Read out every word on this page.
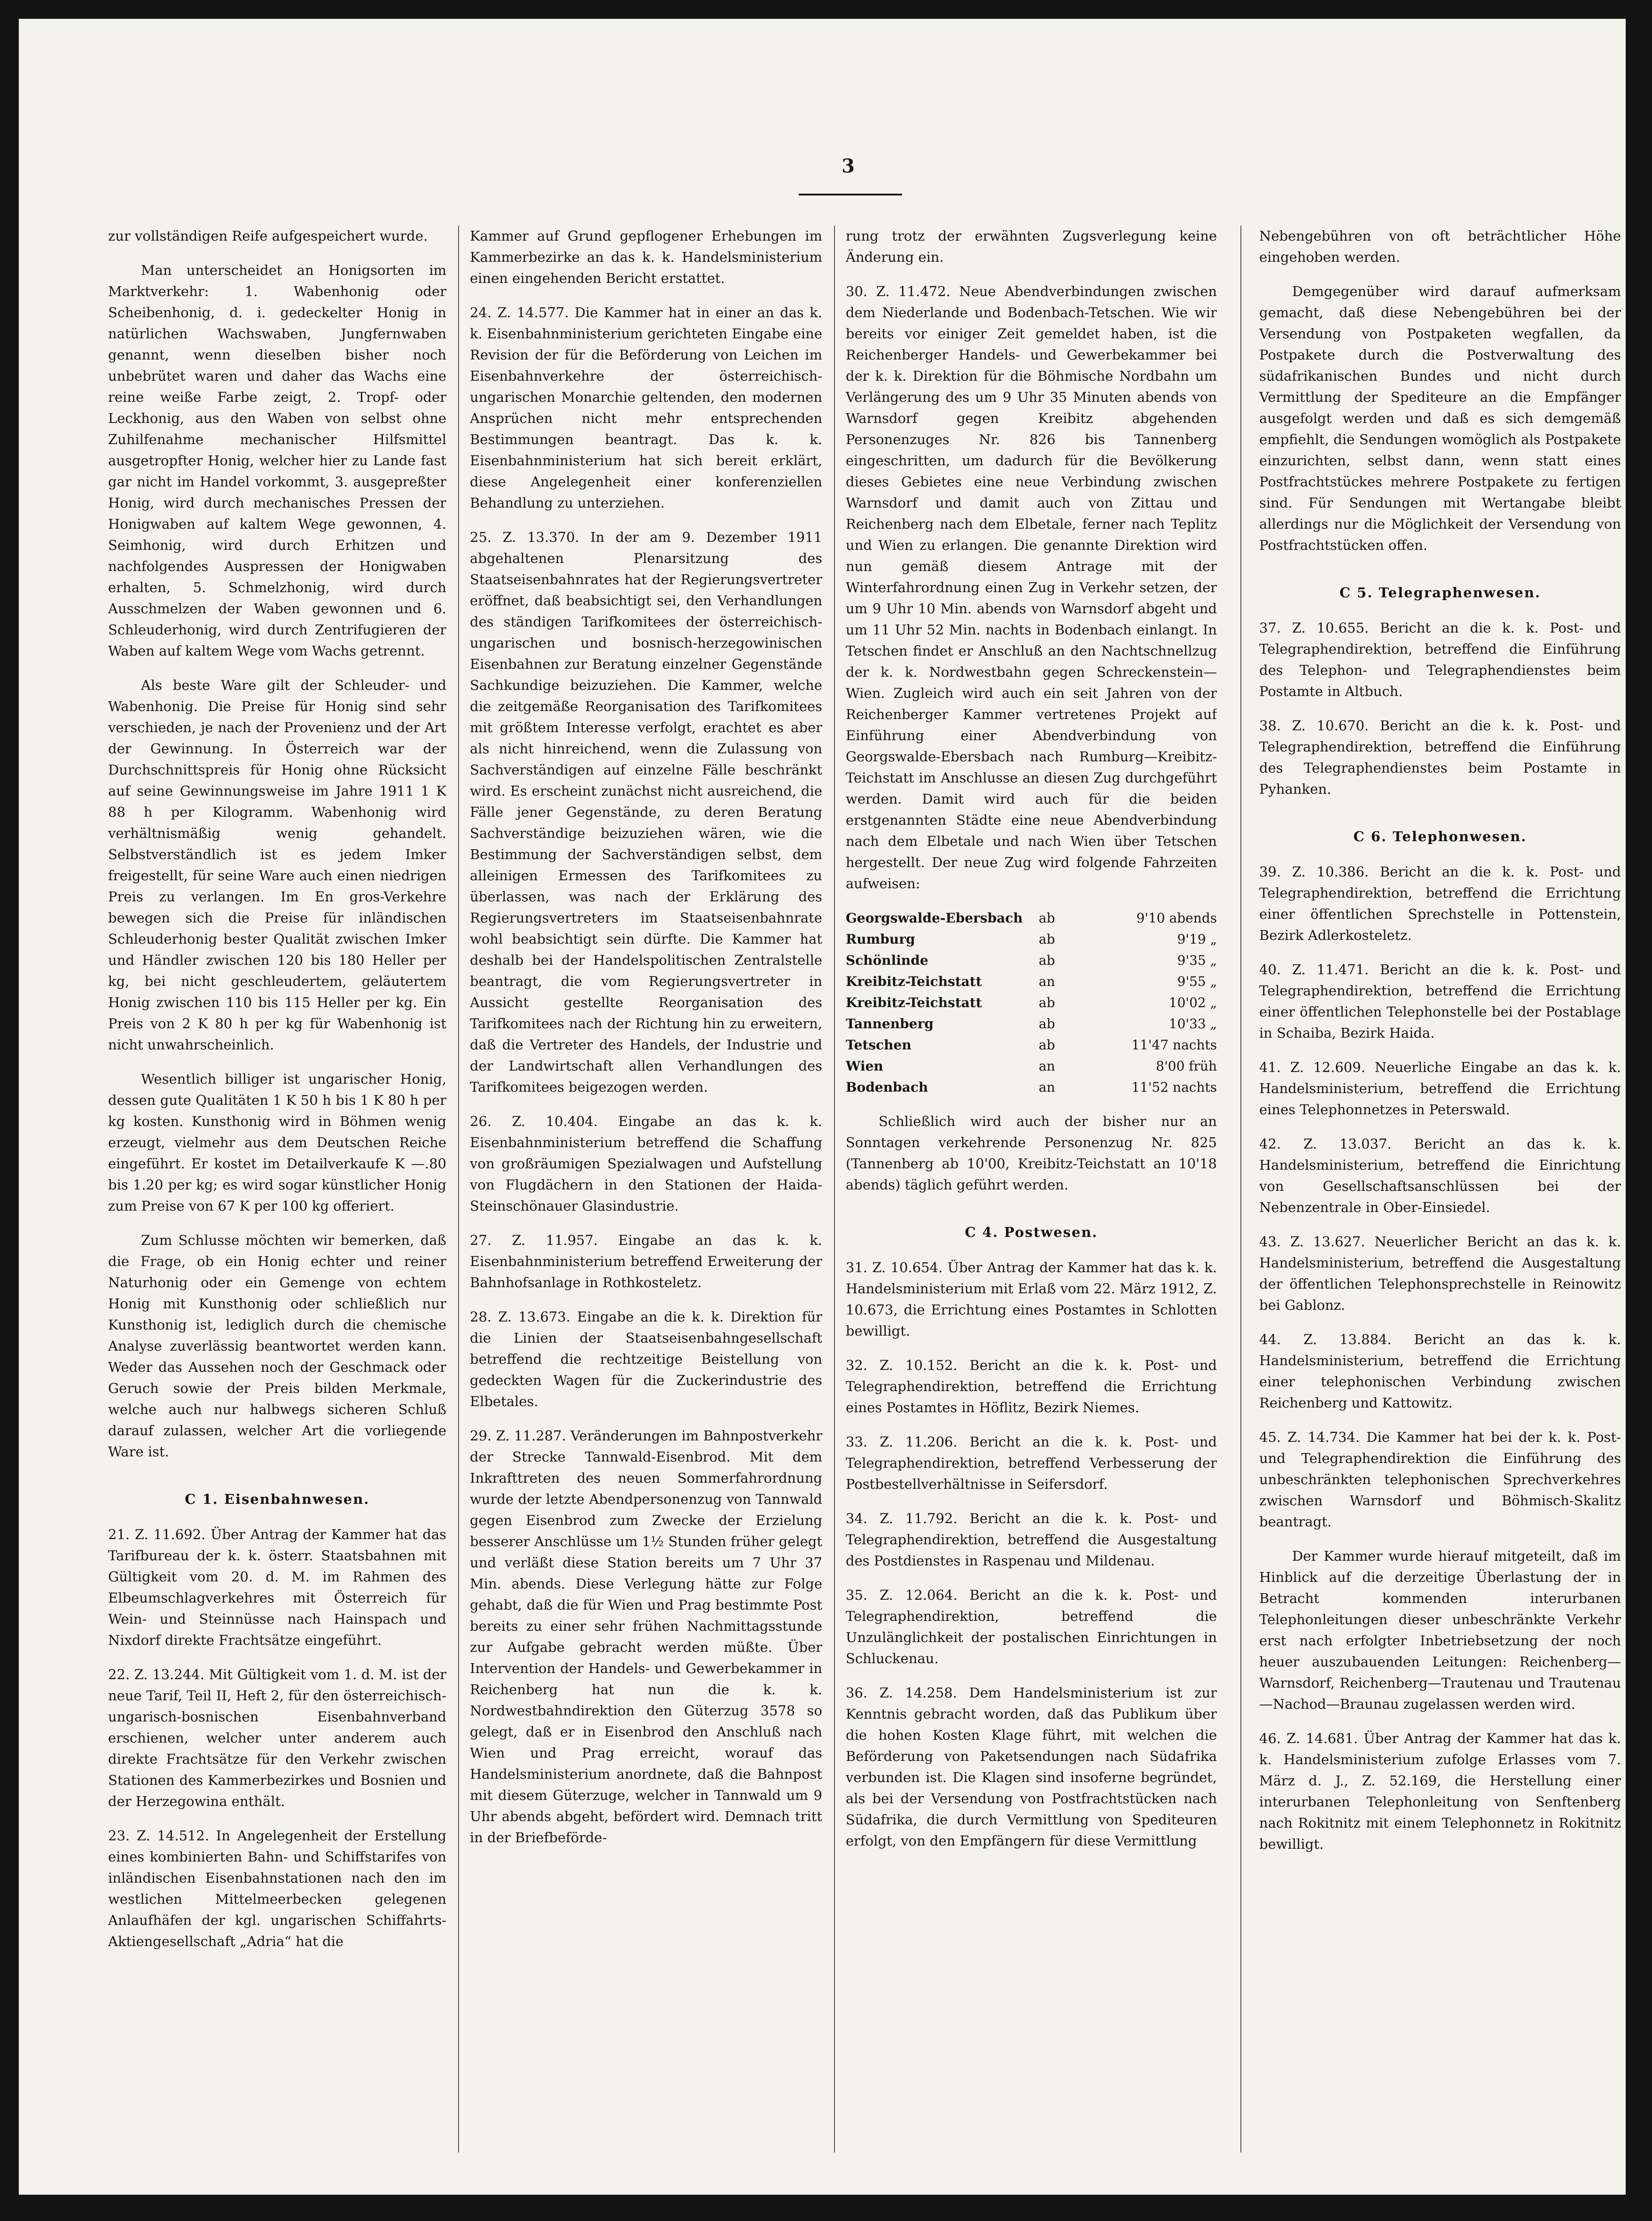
3

zur vollständigen Reife aufgespeichert wurde.

Man unterscheidet an Honigsorten im Marktverkehr: 1. Wabenhonig oder Scheibenhonig, d. i. gedeckelter Honig in natürlichen Wachswaben, Jungfernwaben genannt, wenn dieselben bisher noch unbebrütet waren und daher das Wachs eine reine weiße Farbe zeigt, 2. Tropf- oder Leckhonig, aus den Waben von selbst ohne Zuhilfenahme mechanischer Hilfsmittel ausgetropfter Honig, welcher hier zu Lande fast gar nicht im Handel vorkommt, 3. ausgepreßter Honig, wird durch mechanisches Pressen der Honigwaben auf kaltem Wege gewonnen, 4. Seimhonig, wird durch Erhitzen und nachfolgendes Auspressen der Honigwaben erhalten, 5. Schmelzhonig, wird durch Ausschmelzen der Waben gewonnen und 6. Schleuderhonig, wird durch Zentrifugieren der Waben auf kaltem Wege vom Wachs getrennt.

Als beste Ware gilt der Schleuder- und Wabenhonig. Die Preise für Honig sind sehr verschieden, je nach der Provenienz und der Art der Gewinnung. In Österreich war der Durchschnittspreis für Honig ohne Rücksicht auf seine Gewinnungsweise im Jahre 1911 1 K 88 h per Kilogramm. Wabenhonig wird verhältnismäßig wenig gehandelt. Selbstverständlich ist es jedem Imker freigestellt, für seine Ware auch einen niedrigen Preis zu verlangen. Im En gros-Verkehre bewegen sich die Preise für inländischen Schleuderhonig bester Qualität zwischen Imker und Händler zwischen 120 bis 180 Heller per kg, bei nicht geschleudertem, geläutertem Honig zwischen 110 bis 115 Heller per kg. Ein Preis von 2 K 80 h per kg für Wabenhonig ist nicht unwahrscheinlich.

Wesentlich billiger ist ungarischer Honig, dessen gute Qualitäten 1 K 50 h bis 1 K 80 h per kg kosten. Kunsthonig wird in Böhmen wenig erzeugt, vielmehr aus dem Deutschen Reiche eingeführt. Er kostet im Detailverkaufe K —.80 bis 1.20 per kg; es wird sogar künstlicher Honig zum Preise von 67 K per 100 kg offeriert.

Zum Schlusse möchten wir bemerken, daß die Frage, ob ein Honig echter und reiner Naturhonig oder ein Gemenge von echtem Honig mit Kunsthonig oder schließlich nur Kunsthonig ist, lediglich durch die chemische Analyse zuverlässig beantwortet werden kann. Weder das Aussehen noch der Geschmack oder Geruch sowie der Preis bilden Merkmale, welche auch nur halbwegs sicheren Schluß darauf zulassen, welcher Art die vorliegende Ware ist.

C 1. Eisenbahnwesen.

21. Z. 11.692. Über Antrag der Kammer hat das Tarifbureau der k. k. österr. Staatsbahnen mit Gültigkeit vom 20. d. M. im Rahmen des Elbeumschlagverkehres mit Österreich für Wein- und Steinnüsse nach Hainspach und Nixdorf direkte Frachtsätze eingeführt.

22. Z. 13.244. Mit Gültigkeit vom 1. d. M. ist der neue Tarif, Teil II, Heft 2, für den österreichisch-ungarisch-bosnischen Eisenbahnverband erschienen, welcher unter anderem auch direkte Frachtsätze für den Verkehr zwischen Stationen des Kammerbezirkes und Bosnien und der Herzegowina enthält.

23. Z. 14.512. In Angelegenheit der Erstellung eines kombinierten Bahn- und Schiffstarifes von inländischen Eisenbahnstationen nach den im westlichen Mittelmeerbecken gelegenen Anlaufhäfen der kgl. ungarischen Schiffahrts-Aktiengesellschaft „Adria“ hat die

Kammer auf Grund gepflogener Erhebungen im Kammerbezirke an das k. k. Handelsministerium einen eingehenden Bericht erstattet.

24. Z. 14.577. Die Kammer hat in einer an das k. k. Eisenbahnministerium gerichteten Eingabe eine Revision der für die Beförderung von Leichen im Eisenbahnverkehre der österreichisch-ungarischen Monarchie geltenden, den modernen Ansprüchen nicht mehr entsprechenden Bestimmungen beantragt. Das k. k. Eisenbahnministerium hat sich bereit erklärt, diese Angelegenheit einer konferenziellen Behandlung zu unterziehen.

25. Z. 13.370. In der am 9. Dezember 1911 abgehaltenen Plenarsitzung des Staatseisenbahnrates hat der Regierungsvertreter eröffnet, daß beabsichtigt sei, den Verhandlungen des ständigen Tarifkomitees der österreichisch-ungarischen und bosnisch-herzegowinischen Eisenbahnen zur Beratung einzelner Gegenstände Sachkundige beizuziehen. Die Kammer, welche die zeitgemäße Reorganisation des Tarifkomitees mit größtem Interesse verfolgt, erachtet es aber als nicht hinreichend, wenn die Zulassung von Sachverständigen auf einzelne Fälle beschränkt wird. Es erscheint zunächst nicht ausreichend, die Fälle jener Gegenstände, zu deren Beratung Sachverständige beizuziehen wären, wie die Bestimmung der Sachverständigen selbst, dem alleinigen Ermessen des Tarifkomitees zu überlassen, was nach der Erklärung des Regierungsvertreters im Staatseisenbahnrate wohl beabsichtigt sein dürfte. Die Kammer hat deshalb bei der Handelspolitischen Zentralstelle beantragt, die vom Regierungsvertreter in Aussicht gestellte Reorganisation des Tarifkomitees nach der Richtung hin zu erweitern, daß die Vertreter des Handels, der Industrie und der Landwirtschaft allen Verhandlungen des Tarifkomitees beigezogen werden.

26. Z. 10.404. Eingabe an das k. k. Eisenbahnministerium betreffend die Schaffung von großräumigen Spezialwagen und Aufstellung von Flugdächern in den Stationen der Haida-Steinschönauer Glasindustrie.

27. Z. 11.957. Eingabe an das k. k. Eisenbahnministerium betreffend Erweiterung der Bahnhofsanlage in Rothkosteletz.

28. Z. 13.673. Eingabe an die k. k. Direktion für die Linien der Staatseisenbahngesellschaft betreffend die rechtzeitige Beistellung von gedeckten Wagen für die Zuckerindustrie des Elbetales.

29. Z. 11.287. Veränderungen im Bahnpostverkehr der Strecke Tannwald-Eisenbrod. Mit dem Inkrafttreten des neuen Sommerfahrordnung wurde der letzte Abendpersonenzug von Tannwald gegen Eisenbrod zum Zwecke der Erzielung besserer Anschlüsse um 1½ Stunden früher gelegt und verläßt diese Station bereits um 7 Uhr 37 Min. abends. Diese Verlegung hätte zur Folge gehabt, daß die für Wien und Prag bestimmte Post bereits zu einer sehr frühen Nachmittagsstunde zur Aufgabe gebracht werden müßte. Über Intervention der Handels- und Gewerbekammer in Reichenberg hat nun die k. k. Nordwestbahndirektion den Güterzug 3578 so gelegt, daß er in Eisenbrod den Anschluß nach Wien und Prag erreicht, worauf das Handelsministerium anordnete, daß die Bahnpost mit diesem Güterzuge, welcher in Tannwald um 9 Uhr abends abgeht, befördert wird. Demnach tritt in der Briefbeförde-

rung trotz der erwähnten Zugsverlegung keine Änderung ein.

30. Z. 11.472. Neue Abendverbindungen zwischen dem Niederlande und Bodenbach-Tetschen. Wie wir bereits vor einiger Zeit gemeldet haben, ist die Reichenberger Handels- und Gewerbekammer bei der k. k. Direktion für die Böhmische Nordbahn um Verlängerung des um 9 Uhr 35 Minuten abends von Warnsdorf gegen Kreibitz abgehenden Personenzuges Nr. 826 bis Tannenberg eingeschritten, um dadurch für die Bevölkerung dieses Gebietes eine neue Verbindung zwischen Warnsdorf und damit auch von Zittau und Reichenberg nach dem Elbetale, ferner nach Teplitz und Wien zu erlangen. Die genannte Direktion wird nun gemäß diesem Antrage mit der Winterfahrordnung einen Zug in Verkehr setzen, der um 9 Uhr 10 Min. abends von Warnsdorf abgeht und um 11 Uhr 52 Min. nachts in Bodenbach einlangt. In Tetschen findet er Anschluß an den Nachtschnellzug der k. k. Nordwestbahn gegen Schreckenstein—Wien. Zugleich wird auch ein seit Jahren von der Reichenberger Kammer vertretenes Projekt auf Einführung einer Abendverbindung von Georgswalde-Ebersbach nach Rumburg—Kreibitz-Teichstatt im Anschlusse an diesen Zug durchgeführt werden. Damit wird auch für die beiden erstgenannten Städte eine neue Abendverbindung nach dem Elbetale und nach Wien über Tetschen hergestellt. Der neue Zug wird folgende Fahrzeiten aufweisen:

Georgswalde-Ebersbach	ab	9'10 abends
Rumburg	ab	9'19 „
Schönlinde	ab	9'35 „
Kreibitz-Teichstatt	an	9'55 „
Kreibitz-Teichstatt	ab	10'02 „
Tannenberg	ab	10'33 „
Tetschen	ab	11'47 nachts
Wien	an	8'00 früh
Bodenbach	an	11'52 nachts

Schließlich wird auch der bisher nur an Sonntagen verkehrende Personenzug Nr. 825 (Tannenberg ab 10'00, Kreibitz-Teichstatt an 10'18 abends) täglich geführt werden.

C 4. Postwesen.

31. Z. 10.654. Über Antrag der Kammer hat das k. k. Handelsministerium mit Erlaß vom 22. März 1912, Z. 10.673, die Errichtung eines Postamtes in Schlotten bewilligt.

32. Z. 10.152. Bericht an die k. k. Post- und Telegraphendirektion, betreffend die Errichtung eines Postamtes in Höflitz, Bezirk Niemes.

33. Z. 11.206. Bericht an die k. k. Post- und Telegraphendirektion, betreffend Verbesserung der Postbestellverhältnisse in Seifersdorf.

34. Z. 11.792. Bericht an die k. k. Post- und Telegraphendirektion, betreffend die Ausgestaltung des Postdienstes in Raspenau und Mildenau.

35. Z. 12.064. Bericht an die k. k. Post- und Telegraphendirektion, betreffend die Unzulänglichkeit der postalischen Einrichtungen in Schluckenau.

36. Z. 14.258. Dem Handelsministerium ist zur Kenntnis gebracht worden, daß das Publikum über die hohen Kosten Klage führt, mit welchen die Beförderung von Paketsendungen nach Südafrika verbunden ist. Die Klagen sind insoferne begründet, als bei der Versendung von Postfrachtstücken nach Südafrika, die durch Vermittlung von Spediteuren erfolgt, von den Empfängern für diese Vermittlung

Nebengebühren von oft beträchtlicher Höhe eingehoben werden.

Demgegenüber wird darauf aufmerksam gemacht, daß diese Nebengebühren bei der Versendung von Postpaketen wegfallen, da Postpakete durch die Postverwaltung des südafrikanischen Bundes und nicht durch Vermittlung der Spediteure an die Empfänger ausgefolgt werden und daß es sich demgemäß empfiehlt, die Sendungen womöglich als Postpakete einzurichten, selbst dann, wenn statt eines Postfrachtstückes mehrere Postpakete zu fertigen sind. Für Sendungen mit Wertangabe bleibt allerdings nur die Möglichkeit der Versendung von Postfrachtstücken offen.

C 5. Telegraphenwesen.

37. Z. 10.655. Bericht an die k. k. Post- und Telegraphendirektion, betreffend die Einführung des Telephon- und Telegraphendienstes beim Postamte in Altbuch.

38. Z. 10.670. Bericht an die k. k. Post- und Telegraphendirektion, betreffend die Einführung des Telegraphendienstes beim Postamte in Pyhanken.

C 6. Telephonwesen.

39. Z. 10.386. Bericht an die k. k. Post- und Telegraphendirektion, betreffend die Errichtung einer öffentlichen Sprechstelle in Pottenstein, Bezirk Adlerkosteletz.

40. Z. 11.471. Bericht an die k. k. Post- und Telegraphendirektion, betreffend die Errichtung einer öffentlichen Telephonstelle bei der Postablage in Schaiba, Bezirk Haida.

41. Z. 12.609. Neuerliche Eingabe an das k. k. Handelsministerium, betreffend die Errichtung eines Telephonnetzes in Peterswald.

42. Z. 13.037. Bericht an das k. k. Handelsministerium, betreffend die Einrichtung von Gesellschaftsanschlüssen bei der Nebenzentrale in Ober-Einsiedel.

43. Z. 13.627. Neuerlicher Bericht an das k. k. Handelsministerium, betreffend die Ausgestaltung der öffentlichen Telephonsprechstelle in Reinowitz bei Gablonz.

44. Z. 13.884. Bericht an das k. k. Handelsministerium, betreffend die Errichtung einer telephonischen Verbindung zwischen Reichenberg und Kattowitz.

45. Z. 14.734. Die Kammer hat bei der k. k. Post- und Telegraphendirektion die Einführung des unbeschränkten telephonischen Sprechverkehres zwischen Warnsdorf und Böhmisch-Skalitz beantragt.

Der Kammer wurde hierauf mitgeteilt, daß im Hinblick auf die derzeitige Überlastung der in Betracht kommenden interurbanen Telephonleitungen dieser unbeschränkte Verkehr erst nach erfolgter Inbetriebsetzung der noch heuer auszubauenden Leitungen: Reichenberg—Warnsdorf, Reichenberg—Trautenau und Trautenau—Nachod—Braunau zugelassen werden wird.

46. Z. 14.681. Über Antrag der Kammer hat das k. k. Handelsministerium zufolge Erlasses vom 7. März d. J., Z. 52.169, die Herstellung einer interurbanen Telephonleitung von Senftenberg nach Rokitnitz mit einem Telephonnetz in Rokitnitz bewilligt.
